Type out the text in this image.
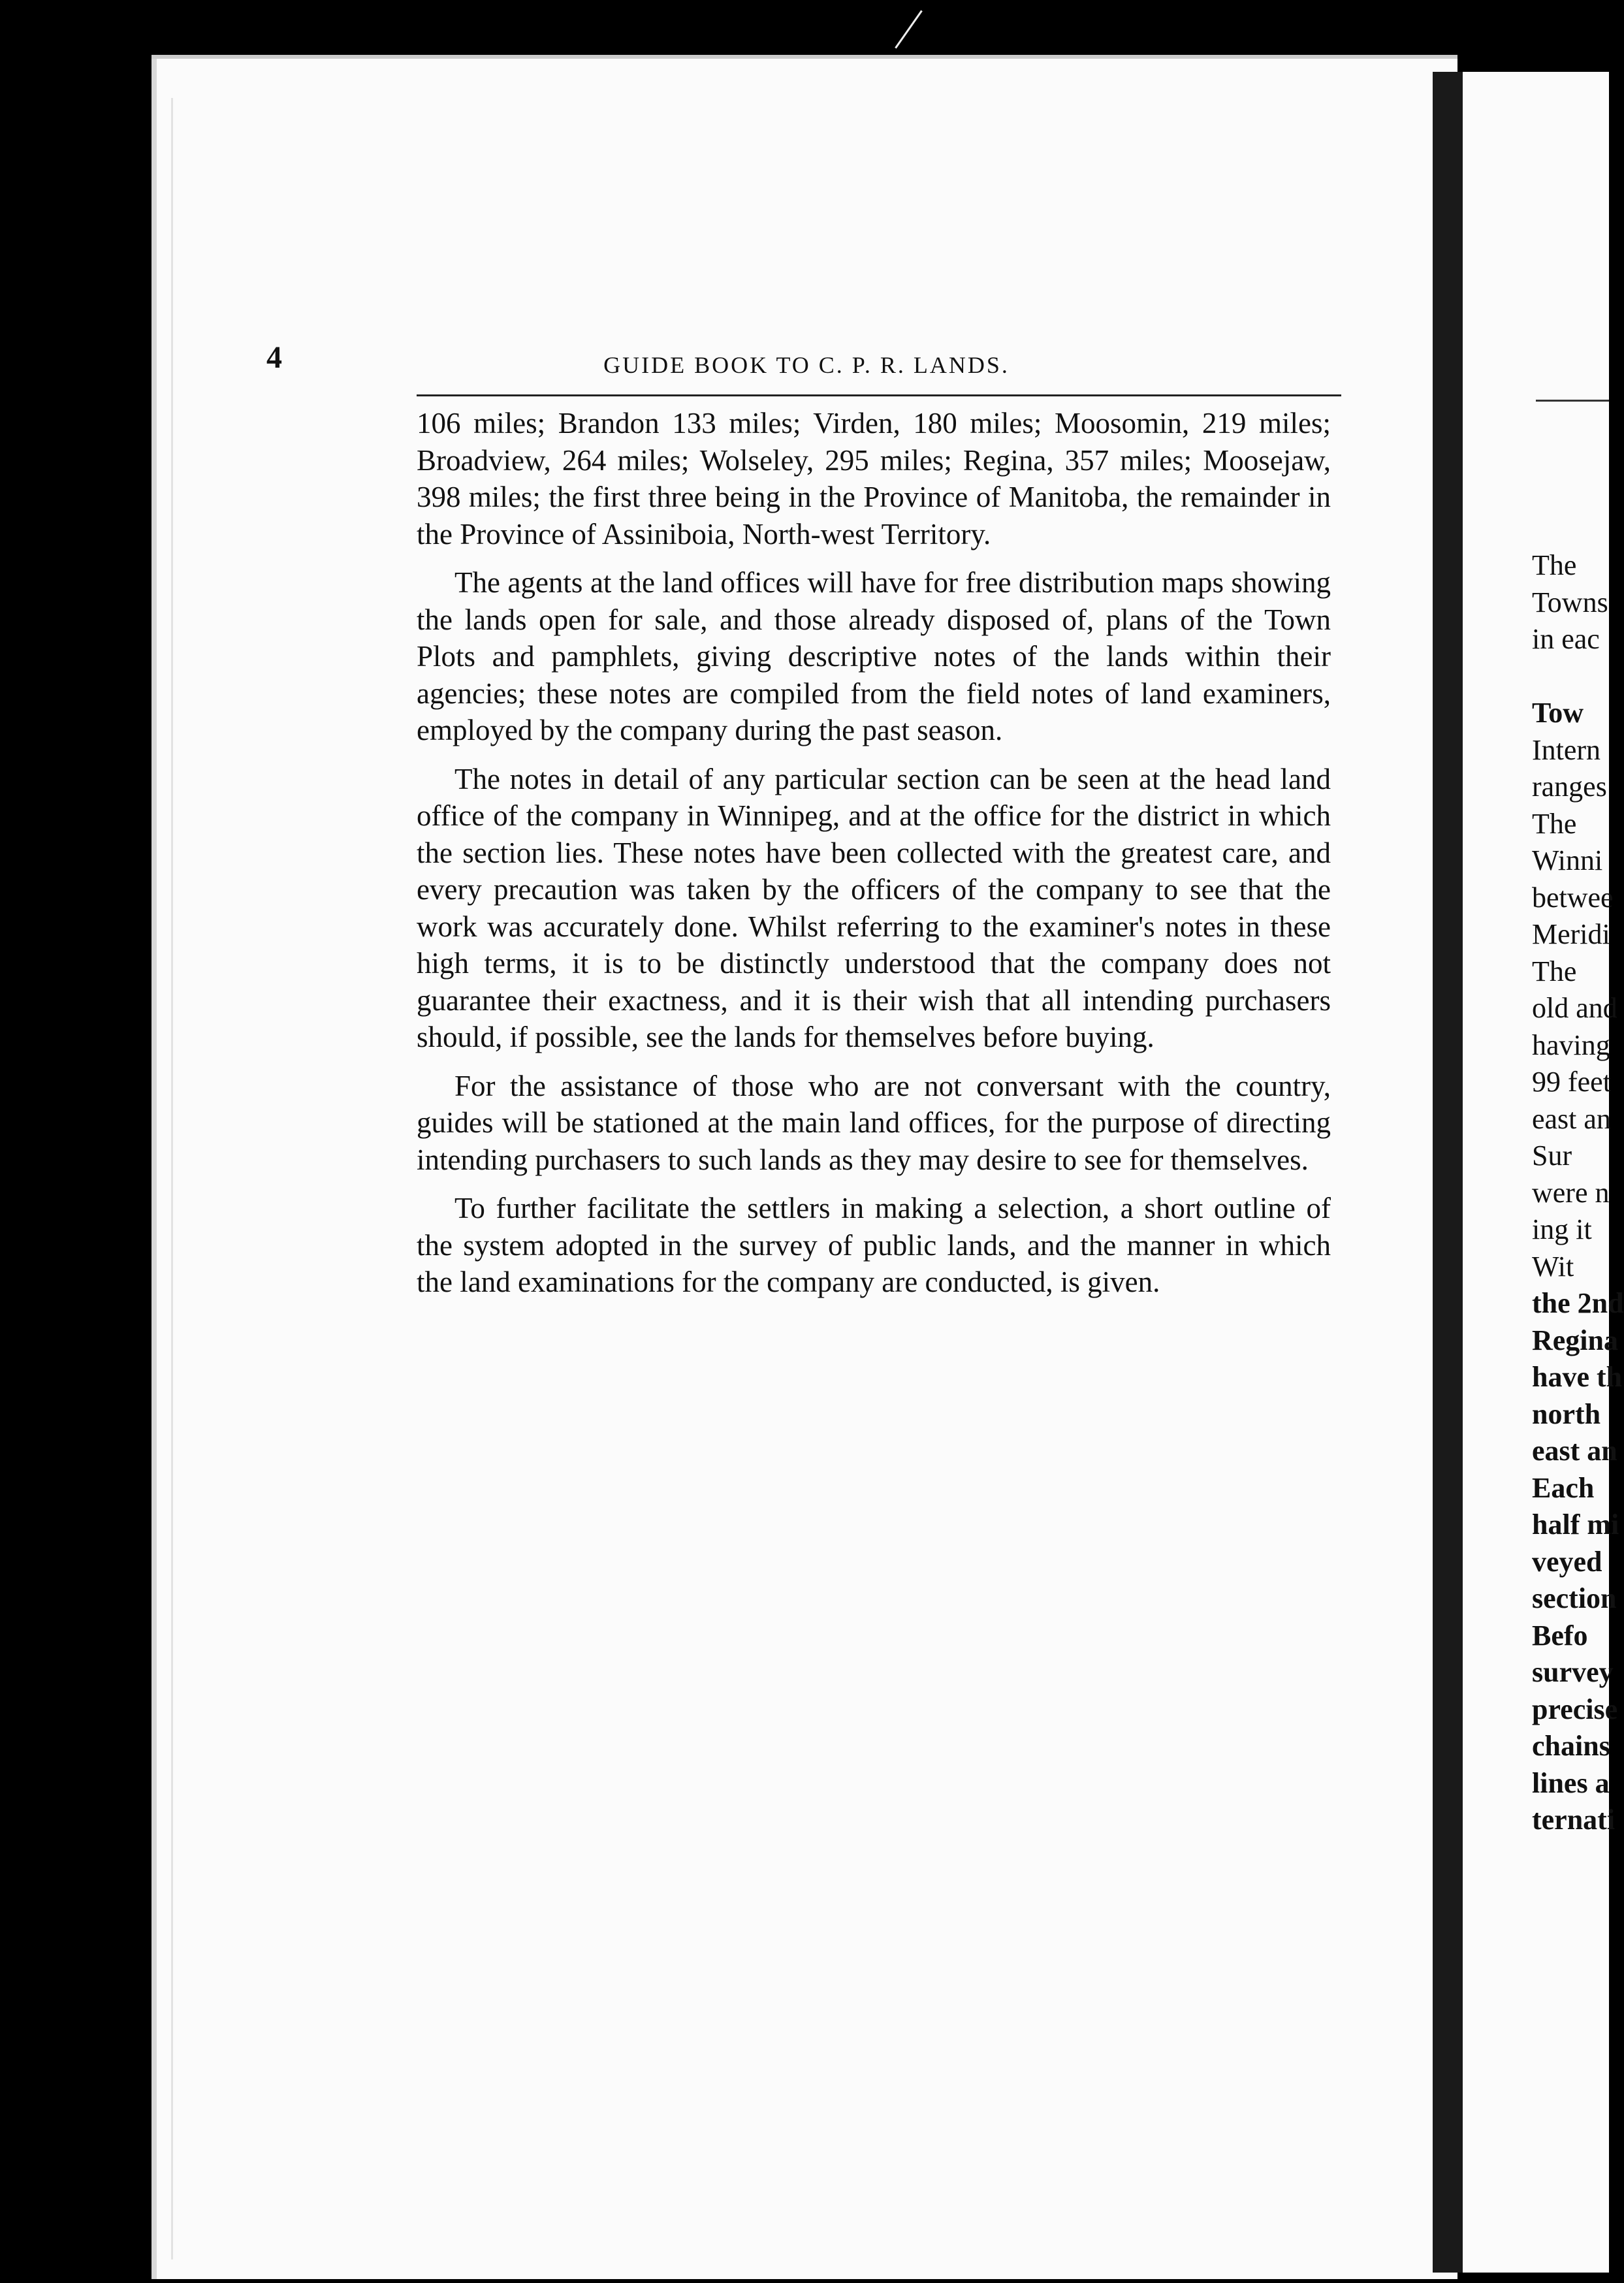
4	GUIDE BOOK TO C. P. R. LANDS.

106 miles; Brandon 133 miles; Virden, 180 miles; Moosomin, 219 miles; Broadview, 264 miles; Wolseley, 295 miles; Regina, 357 miles; Moosejaw, 398 miles; the first three being in the Province of Manitoba, the remainder in the Province of Assiniboia, North-west Territory.

The agents at the land offices will have for free distribution maps showing the lands open for sale, and those already disposed of, plans of the Town Plots and pamphlets, giving descriptive notes of the lands within their agencies; these notes are compiled from the field notes of land examiners, employed by the company during the past season.

The notes in detail of any particular section can be seen at the head land office of the company in Winnipeg, and at the office for the district in which the section lies. These notes have been collected with the greatest care, and every precaution was taken by the officers of the company to see that the work was accurately done. Whilst referring to the examiner's notes in these high terms, it is to be distinctly understood that the company does not guarantee their exactness, and it is their wish that all intending purchasers should, if possible, see the lands for themselves before buying.

For the assistance of those who are not conversant with the country, guides will be stationed at the main land offices, for the purpose of directing intending purchasers to such lands as they may desire to see for themselves.

To further facilitate the settlers in making a selection, a short outline of the system adopted in the survey of public lands, and the manner in which the land examinations for the company are conducted, is given.

The
Towns
in eac
Tow
Intern
ranges
The
Winni
betwee
Meridi
The
old and
having
99 feet
east an
Sur
were n
ing it
Wit
the 2nd
Regina
have th
north
east an
Each
half mi
veyed
section
Befo
survey
precise
chains
lines a
ternati
